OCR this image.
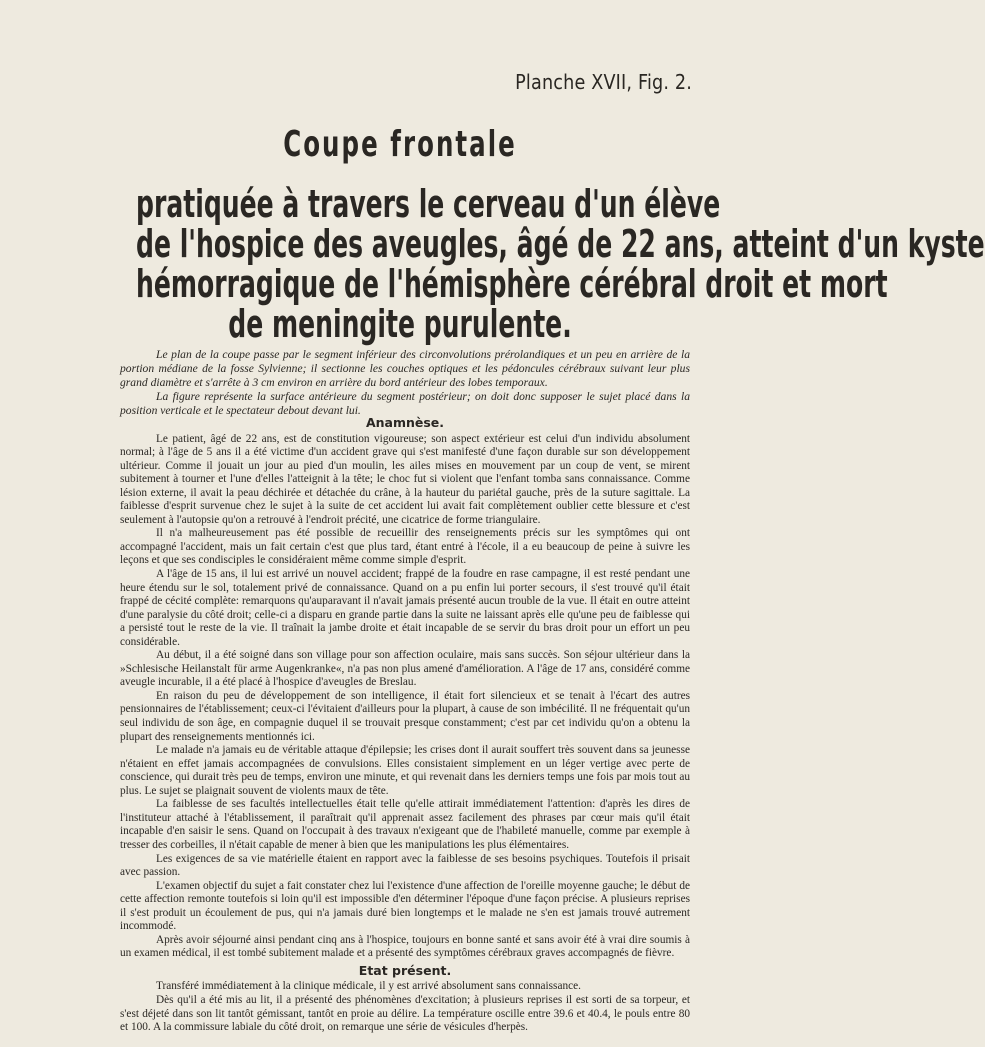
Planche XVII, Fig. 2.
Coupe frontale
pratiquée à travers le cerveau d'un élève
de l'hospice des aveugles, âgé de 22 ans, atteint d'un kyste
hémorragique de l'hémisphère cérébral droit et mort
de meningite purulente.

Le plan de la coupe passe par le segment inférieur des circonvolutions prérolandiques et un peu en arrière de la portion médiane de la fosse Sylvienne; il sectionne les couches optiques et les pédoncules cérébraux suivant leur plus grand diamètre et s'arrête à 3 cm environ en arrière du bord antérieur des lobes temporaux.

La figure représente la surface antérieure du segment postérieur; on doit donc supposer le sujet placé dans la position verticale et le spectateur debout devant lui.

Anamnèse.

Le patient, âgé de 22 ans, est de constitution vigoureuse; son aspect extérieur est celui d'un individu absolument normal; à l'âge de 5 ans il a été victime d'un accident grave qui s'est manifesté d'une façon durable sur son développement ultérieur. Comme il jouait un jour au pied d'un moulin, les ailes mises en mouvement par un coup de vent, se mirent subitement à tourner et l'une d'elles l'atteignit à la tête; le choc fut si violent que l'enfant tomba sans connaissance. Comme lésion externe, il avait la peau déchirée et détachée du crâne, à la hauteur du pariétal gauche, près de la suture sagittale. La faiblesse d'esprit survenue chez le sujet à la suite de cet accident lui avait fait complètement oublier cette blessure et c'est seulement à l'autopsie qu'on a retrouvé à l'endroit précité, une cicatrice de forme triangulaire.

Il n'a malheureusement pas été possible de recueillir des renseignements précis sur les symptômes qui ont accompagné l'accident, mais un fait certain c'est que plus tard, étant entré à l'école, il a eu beaucoup de peine à suivre les leçons et que ses condisciples le considéraient même comme simple d'esprit.

A l'âge de 15 ans, il lui est arrivé un nouvel accident; frappé de la foudre en rase campagne, il est resté pendant une heure étendu sur le sol, totalement privé de connaissance. Quand on a pu enfin lui porter secours, il s'est trouvé qu'il était frappé de cécité complète: remarquons qu'auparavant il n'avait jamais présenté aucun trouble de la vue. Il était en outre atteint d'une paralysie du côté droit; celle-ci a disparu en grande partie dans la suite ne laissant après elle qu'une peu de faiblesse qui a persisté tout le reste de la vie. Il traînait la jambe droite et était incapable de se servir du bras droit pour un effort un peu considérable.

Au début, il a été soigné dans son village pour son affection oculaire, mais sans succès. Son séjour ultérieur dans la »Schlesische Heilanstalt für arme Augenkranke«, n'a pas non plus amené d'amélioration. A l'âge de 17 ans, considéré comme aveugle incurable, il a été placé à l'hospice d'aveugles de Breslau.

En raison du peu de développement de son intelligence, il était fort silencieux et se tenait à l'écart des autres pensionnaires de l'établissement; ceux-ci l'évitaient d'ailleurs pour la plupart, à cause de son imbécilité. Il ne fréquentait qu'un seul individu de son âge, en compagnie duquel il se trouvait presque constamment; c'est par cet individu qu'on a obtenu la plupart des renseignements mentionnés ici.

Le malade n'a jamais eu de véritable attaque d'épilepsie; les crises dont il aurait souffert très souvent dans sa jeunesse n'étaient en effet jamais accompagnées de convulsions. Elles consistaient simplement en un léger vertige avec perte de conscience, qui durait très peu de temps, environ une minute, et qui revenait dans les derniers temps une fois par mois tout au plus. Le sujet se plaignait souvent de violents maux de tête.

La faiblesse de ses facultés intellectuelles était telle qu'elle attirait immédiatement l'attention: d'après les dires de l'instituteur attaché à l'établissement, il paraîtrait qu'il apprenait assez facilement des phrases par cœur mais qu'il était incapable d'en saisir le sens. Quand on l'occupait à des travaux n'exigeant que de l'habileté manuelle, comme par exemple à tresser des corbeilles, il n'était capable de mener à bien que les manipulations les plus élémentaires.

Les exigences de sa vie matérielle étaient en rapport avec la faiblesse de ses besoins psychiques. Toutefois il prisait avec passion.

L'examen objectif du sujet a fait constater chez lui l'existence d'une affection de l'oreille moyenne gauche; le début de cette affection remonte toutefois si loin qu'il est impossible d'en déterminer l'époque d'une façon précise. A plusieurs reprises il s'est produit un écoulement de pus, qui n'a jamais duré bien longtemps et le malade ne s'en est jamais trouvé autrement incommodé.

Après avoir séjourné ainsi pendant cinq ans à l'hospice, toujours en bonne santé et sans avoir été à vrai dire soumis à un examen médical, il est tombé subitement malade et a présenté des symptômes cérébraux graves accompagnés de fièvre.

Etat présent.

Transféré immédiatement à la clinique médicale, il y est arrivé absolument sans connaissance.

Dès qu'il a été mis au lit, il a présenté des phénomènes d'excitation; à plusieurs reprises il est sorti de sa torpeur, et s'est déjeté dans son lit tantôt gémissant, tantôt en proie au délire. La température oscille entre 39.6 et 40.4, le pouls entre 80 et 100. A la commissure labiale du côté droit, on remarque une série de vésicules d'herpès.
